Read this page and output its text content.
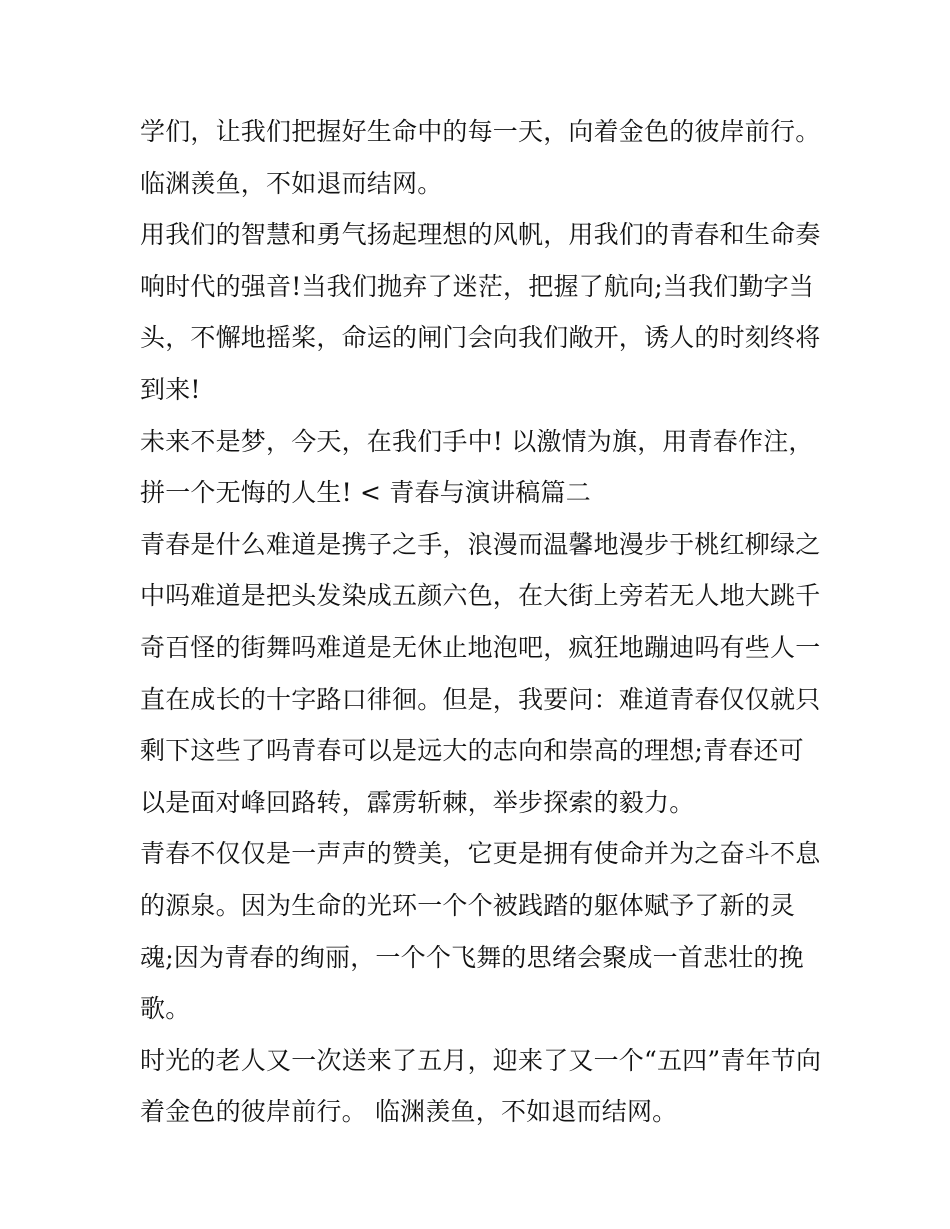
学们，让我们把握好生命中的每一天，向着金色的彼岸前行。
临渊羡鱼，不如退而结网。
用我们的智慧和勇气扬起理想的风帆，用我们的青春和生命奏
响时代的强音!当我们抛弃了迷茫，把握了航向;当我们勤字当
头，不懈地摇桨，命运的闸门会向我们敞开，诱人的时刻终将
到来!
未来不是梦，今天，在我们手中! 以激情为旗，用青春作注，
拼一个无悔的人生! < 青春与演讲稿篇二
青春是什么难道是携子之手，浪漫而温馨地漫步于桃红柳绿之
中吗难道是把头发染成五颜六色，在大街上旁若无人地大跳千
奇百怪的街舞吗难道是无休止地泡吧，疯狂地蹦迪吗有些人一
直在成长的十字路口徘徊。但是，我要问：难道青春仅仅就只
剩下这些了吗青春可以是远大的志向和崇高的理想;青春还可
以是面对峰回路转，霹雳斩棘，举步探索的毅力。
青春不仅仅是一声声的赞美，它更是拥有使命并为之奋斗不息
的源泉。因为生命的光环一个个被践踏的躯体赋予了新的灵
魂;因为青春的绚丽，一个个飞舞的思绪会聚成一首悲壮的挽
歌。
时光的老人又一次送来了五月，迎来了又一个“五四”青年节向
着金色的彼岸前行。 临渊羡鱼，不如退而结网。
